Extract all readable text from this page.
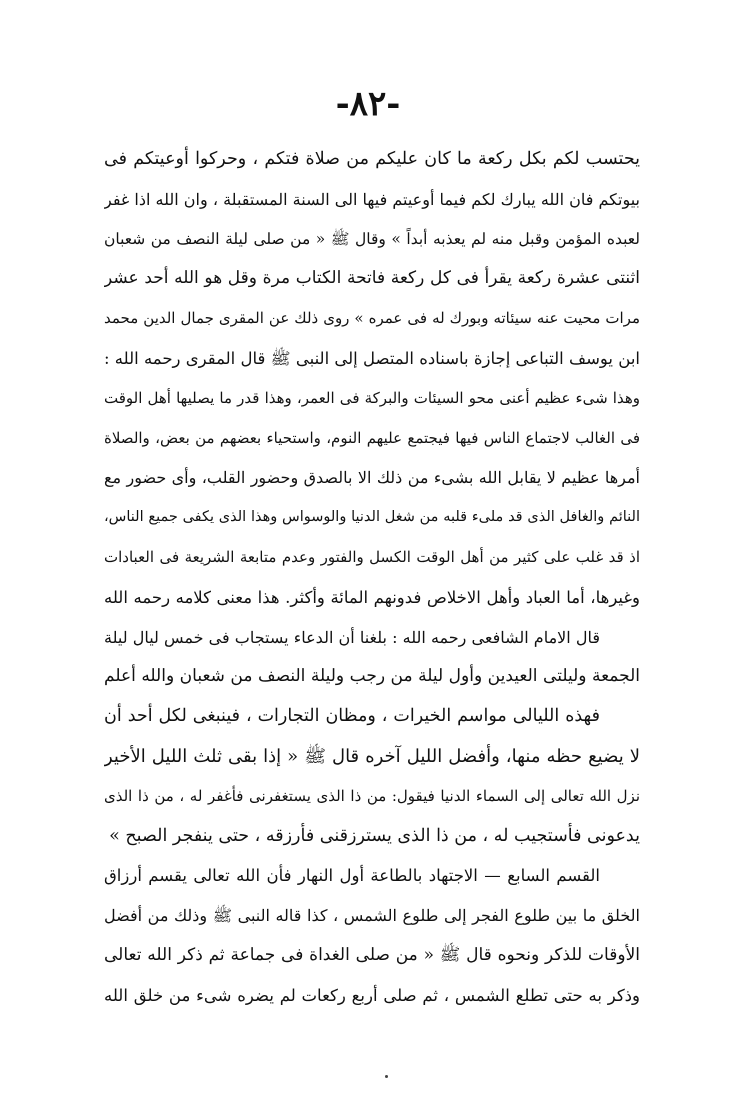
-٨٢-
يحتسب لكم بكل ركعة ما كان عليكم من صلاة فتكم ، وحركوا أوعيتكم فى
بيوتكم فان الله يبارك لكم فيما أوعيتم فيها الى السنة المستقبلة ، وان الله اذا غفر
لعبده المؤمن وقبل منه لم يعذبه أبداً » وقال ﷺ « من صلى ليلة النصف من شعبان
اثنتى عشرة ركعة يقرأ فى كل ركعة فاتحة الكتاب مرة وقل هو الله أحد عشر
مرات محيت عنه سيئاته وبورك له فى عمره » روى ذلك عن المقرى جمال الدين محمد
ابن يوسف التباعى إجازة باسناده المتصل إلى النبى ﷺ قال المقرى رحمه الله :
وهذا شىء عظيم أعنى محو السيئات والبركة فى العمر، وهذا قدر ما يصليها أهل الوقت
فى الغالب لاجتماع الناس فيها فيجتمع عليهم النوم، واستحياء بعضهم من بعض، والصلاة
أمرها عظيم لا يقابل الله بشىء من ذلك الا بالصدق وحضور القلب، وأى حضور مع
النائم والغافل الذى قد ملىء قلبه من شغل الدنيا والوسواس وهذا الذى يكفى جميع الناس،
اذ قد غلب على كثير من أهل الوقت الكسل والفتور وعدم متابعة الشريعة فى العبادات
وغيرها، أما العباد وأهل الاخلاص فدونهم المائة وأكثر. هذا معنى كلامه رحمه الله
قال الامام الشافعى رحمه الله : بلغنا أن الدعاء يستجاب فى خمس ليال ليلة
الجمعة وليلتى العيدين وأول ليلة من رجب وليلة النصف من شعبان والله أعلم
فهذه الليالى مواسم الخيرات ، ومظان التجارات ، فينبغى لكل أحد أن
لا يضيع حظه منها، وأفضل الليل آخره قال ﷺ « إذا بقى ثلث الليل الأخير
نزل الله تعالى إلى السماء الدنيا فيقول: من ذا الذى يستغفرنى فأغفر له ، من ذا الذى
يدعونى فأستجيب له ، من ذا الذى يسترزقنى فأرزقه ، حتى ينفجر الصبح »
القسم السابع — الاجتهاد بالطاعة أول النهار فأن الله تعالى يقسم أرزاق
الخلق ما بين طلوع الفجر إلى طلوع الشمس ، كذا قاله النبى ﷺ وذلك من أفضل
الأوقات للذكر ونحوه قال ﷺ « من صلى الغداة فى جماعة ثم ذكر الله تعالى
وذكر به حتى تطلع الشمس ، ثم صلى أربع ركعات لم يضره شىء من خلق الله
